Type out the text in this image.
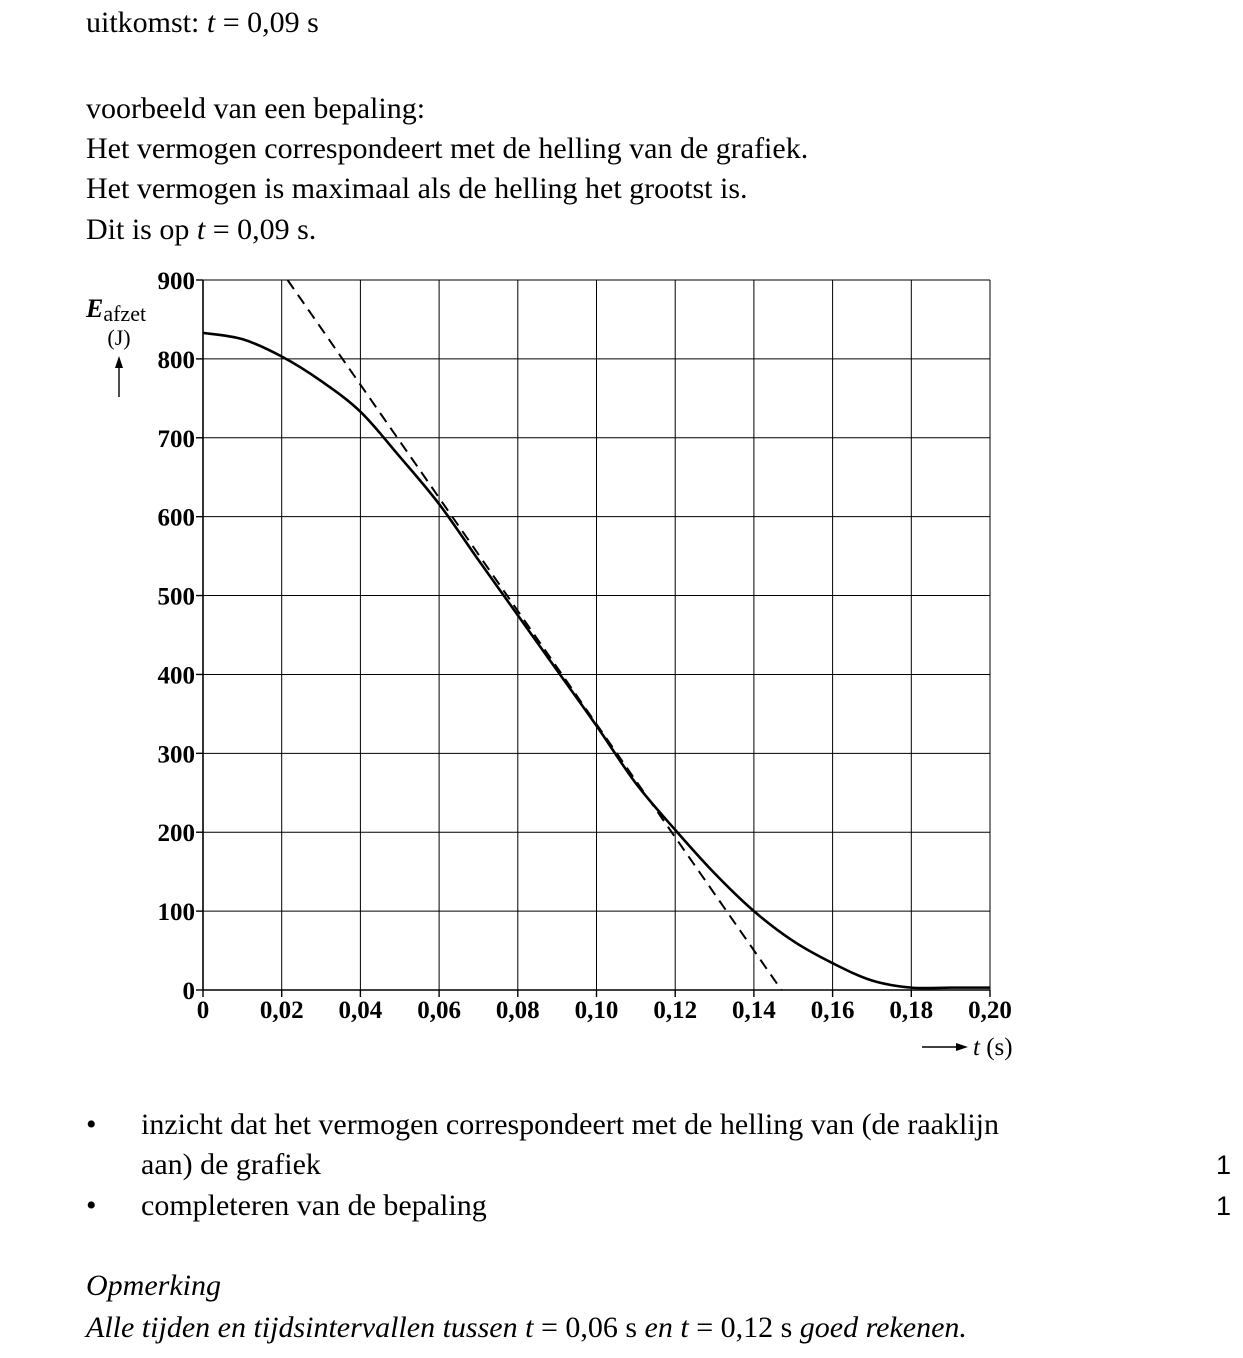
uitkomst: t = 0,09 s
voorbeeld van een bepaling:
Het vermogen correspondeert met de helling van de grafiek.
Het vermogen is maximaal als de helling het grootst is.
Dit is op t = 0,09 s.
0
100
200
300
400
500
600
700
800
900
0 0,02 0,04 0,06 0,08 0,10 0,12 0,14 0,16 0,18 0,20
Eafzet
(J)
t (s)
• inzicht dat het vermogen correspondeert met de helling van (de raaklijn
aan) de grafiek	1
• completeren van de bepaling	1
Opmerking
Alle tijden en tijdsintervallen tussen t = 0,06 s en t = 0,12 s goed rekenen.
